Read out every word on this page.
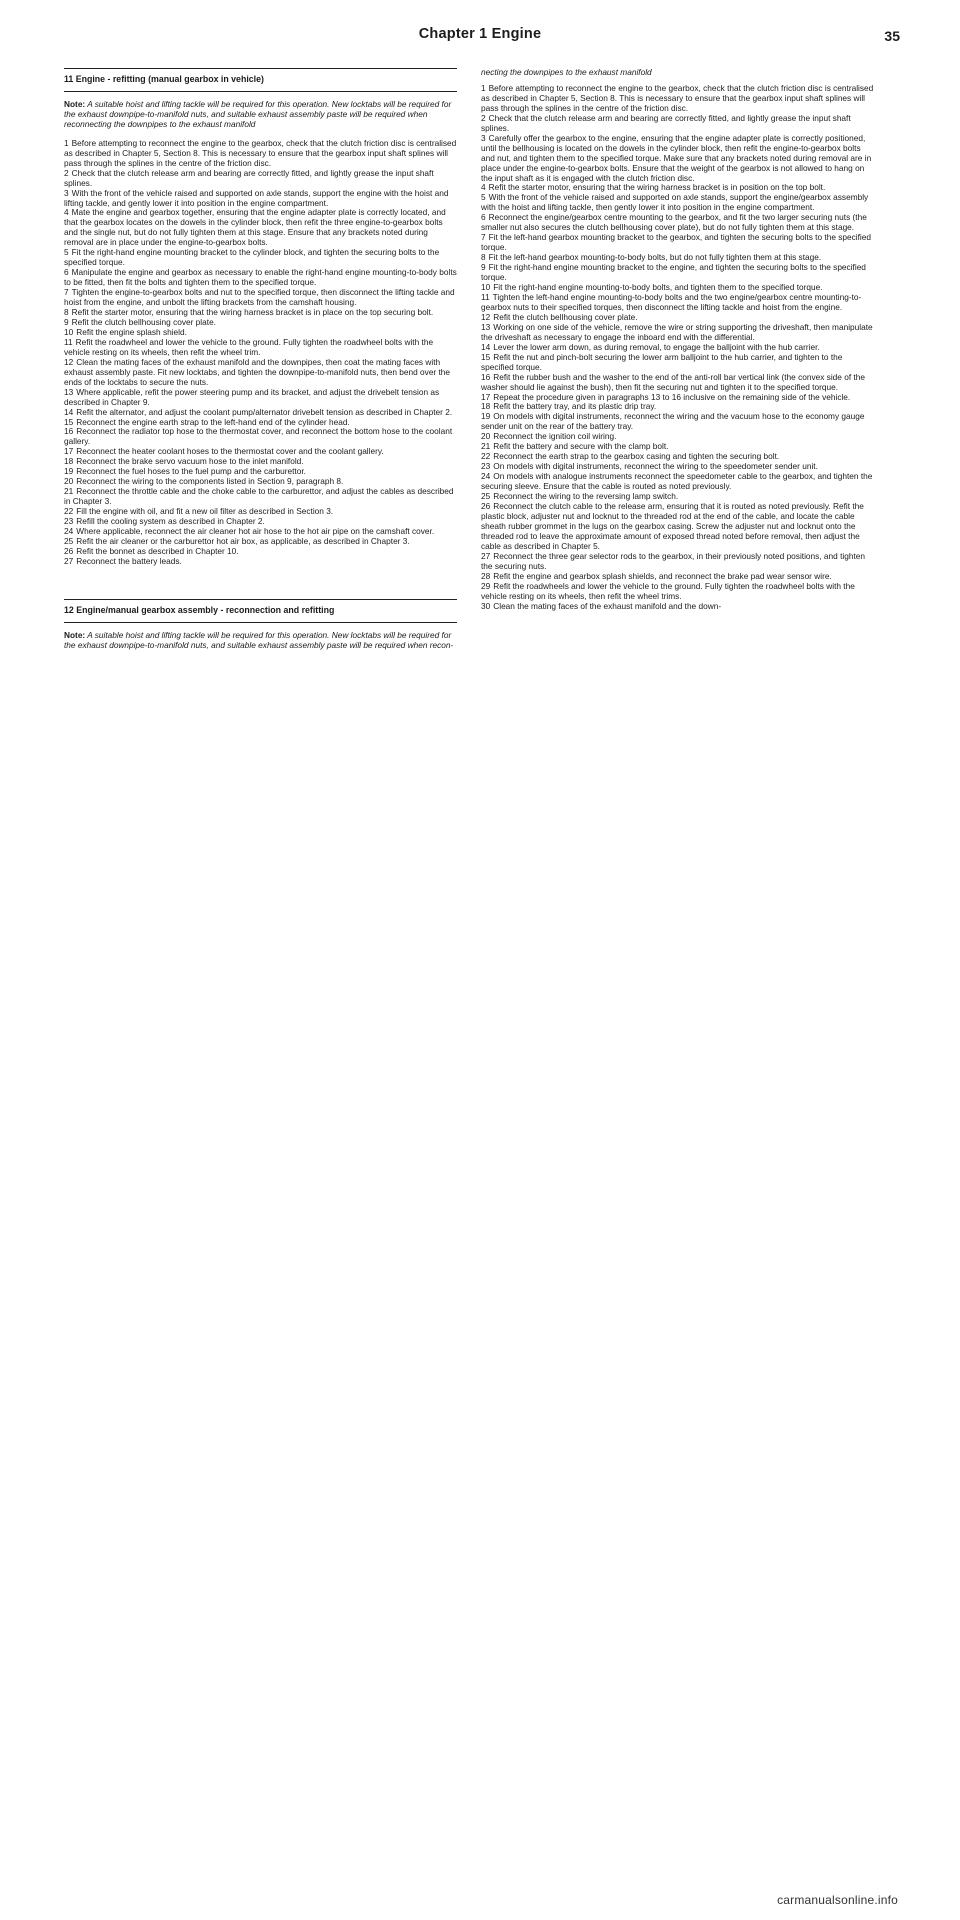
Chapter 1 Engine	35
11 Engine - refitting (manual gearbox in vehicle)

Note: A suitable hoist and lifting tackle will be required for this operation. New locktabs will be required for the exhaust downpipe-to-manifold nuts, and suitable exhaust assembly paste will be required when reconnecting the downpipes to the exhaust manifold

1 Before attempting to reconnect the engine to the gearbox, check that the clutch friction disc is centralised as described in Chapter 5, Section 8. This is necessary to ensure that the gearbox input shaft splines will pass through the splines in the centre of the friction disc.

2 Check that the clutch release arm and bearing are correctly fitted, and lightly grease the input shaft splines.

3 With the front of the vehicle raised and supported on axle stands, support the engine with the hoist and lifting tackle, and gently lower it into position in the engine compartment.

4 Mate the engine and gearbox together, ensuring that the engine adapter plate is correctly located, and that the gearbox locates on the dowels in the cylinder block, then refit the three engine-to-gearbox bolts and the single nut, but do not fully tighten them at this stage. Ensure that any brackets noted during removal are in place under the engine-to-gearbox bolts.

5 Fit the right-hand engine mounting bracket to the cylinder block, and tighten the securing bolts to the specified torque.

6 Manipulate the engine and gearbox as necessary to enable the right-hand engine mounting-to-body bolts to be fitted, then fit the bolts and tighten them to the specified torque.

7 Tighten the engine-to-gearbox bolts and nut to the specified torque, then disconnect the lifting tackle and hoist from the engine, and unbolt the lifting brackets from the camshaft housing.

8 Refit the starter motor, ensuring that the wiring harness bracket is in place on the top securing bolt.

9 Refit the clutch bellhousing cover plate.

10 Refit the engine splash shield.

11 Refit the roadwheel and lower the vehicle to the ground. Fully tighten the roadwheel bolts with the vehicle resting on its wheels, then refit the wheel trim.

12 Clean the mating faces of the exhaust manifold and the downpipes, then coat the mating faces with exhaust assembly paste. Fit new locktabs, and tighten the downpipe-to-manifold nuts, then bend over the ends of the locktabs to secure the nuts.

13 Where applicable, refit the power steering pump and its bracket, and adjust the drivebelt tension as described in Chapter 9.

14 Refit the alternator, and adjust the coolant pump/alternator drivebelt tension as described in Chapter 2.

15 Reconnect the engine earth strap to the left-hand end of the cylinder head.

16 Reconnect the radiator top hose to the thermostat cover, and reconnect the bottom hose to the coolant gallery.

17 Reconnect the heater coolant hoses to the thermostat cover and the coolant gallery.

18 Reconnect the brake servo vacuum hose to the inlet manifold.

19 Reconnect the fuel hoses to the fuel pump and the carburettor.

20 Reconnect the wiring to the components listed in Section 9, paragraph 8.

21 Reconnect the throttle cable and the choke cable to the carburettor, and adjust the cables as described in Chapter 3.

22 Fill the engine with oil, and fit a new oil filter as described in Section 3.

23 Refill the cooling system as described in Chapter 2.

24 Where applicable, reconnect the air cleaner hot air hose to the hot air pipe on the camshaft cover.

25 Refit the air cleaner or the carburettor hot air box, as applicable, as described in Chapter 3.

26 Refit the bonnet as described in Chapter 10.

27 Reconnect the battery leads.

12 Engine/manual gearbox assembly - reconnection and refitting

Note: A suitable hoist and lifting tackle will be required for this operation. New locktabs will be required for the exhaust downpipe-to-manifold nuts, and suitable exhaust assembly paste will be required when recon-

necting the downpipes to the exhaust manifold

1 Before attempting to reconnect the engine to the gearbox, check that the clutch friction disc is centralised as described in Chapter 5, Section 8. This is necessary to ensure that the gearbox input shaft splines will pass through the splines in the centre of the friction disc.

2 Check that the clutch release arm and bearing are correctly fitted, and lightly grease the input shaft splines.

3 Carefully offer the gearbox to the engine, ensuring that the engine adapter plate is correctly positioned, until the bellhousing is located on the dowels in the cylinder block, then refit the engine-to-gearbox bolts and nut, and tighten them to the specified torque. Make sure that any brackets noted during removal are in place under the engine-to-gearbox bolts. Ensure that the weight of the gearbox is not allowed to hang on the input shaft as it is engaged with the clutch friction disc.

4 Refit the starter motor, ensuring that the wiring harness bracket is in position on the top bolt.

5 With the front of the vehicle raised and supported on axle stands, support the engine/gearbox assembly with the hoist and lifting tackle, then gently lower it into position in the engine compartment.

6 Reconnect the engine/gearbox centre mounting to the gearbox, and fit the two larger securing nuts (the smaller nut also secures the clutch bellhousing cover plate), but do not fully tighten them at this stage.

7 Fit the left-hand gearbox mounting bracket to the gearbox, and tighten the securing bolts to the specified torque.

8 Fit the left-hand gearbox mounting-to-body bolts, but do not fully tighten them at this stage.

9 Fit the right-hand engine mounting bracket to the engine, and tighten the securing bolts to the specified torque.

10 Fit the right-hand engine mounting-to-body bolts, and tighten them to the specified torque.

11 Tighten the left-hand engine mounting-to-body bolts and the two engine/gearbox centre mounting-to-gearbox nuts to their specified torques, then disconnect the lifting tackle and hoist from the engine.

12 Refit the clutch bellhousing cover plate.

13 Working on one side of the vehicle, remove the wire or string supporting the driveshaft, then manipulate the driveshaft as necessary to engage the inboard end with the differential.

14 Lever the lower arm down, as during removal, to engage the balljoint with the hub carrier.

15 Refit the nut and pinch-bolt securing the lower arm balljoint to the hub carrier, and tighten to the specified torque.

16 Refit the rubber bush and the washer to the end of the anti-roll bar vertical link (the convex side of the washer should lie against the bush), then fit the securing nut and tighten it to the specified torque.

17 Repeat the procedure given in paragraphs 13 to 16 inclusive on the remaining side of the vehicle.

18 Refit the battery tray, and its plastic drip tray.

19 On models with digital instruments, reconnect the wiring and the vacuum hose to the economy gauge sender unit on the rear of the battery tray.

20 Reconnect the ignition coil wiring.

21 Refit the battery and secure with the clamp bolt.

22 Reconnect the earth strap to the gearbox casing and tighten the securing bolt.

23 On models with digital instruments, reconnect the wiring to the speedometer sender unit.

24 On models with analogue instruments reconnect the speedometer cable to the gearbox, and tighten the securing sleeve. Ensure that the cable is routed as noted previously.

25 Reconnect the wiring to the reversing lamp switch.

26 Reconnect the clutch cable to the release arm, ensuring that it is routed as noted previously. Refit the plastic block, adjuster nut and locknut to the threaded rod at the end of the cable, and locate the cable sheath rubber grommet in the lugs on the gearbox casing. Screw the adjuster nut and locknut onto the threaded rod to leave the approximate amount of exposed thread noted before removal, then adjust the cable as described in Chapter 5.

27 Reconnect the three gear selector rods to the gearbox, in their previously noted positions, and tighten the securing nuts.

28 Refit the engine and gearbox splash shields, and reconnect the brake pad wear sensor wire.

29 Refit the roadwheels and lower the vehicle to the ground. Fully tighten the roadwheel bolts with the vehicle resting on its wheels, then refit the wheel trims.

30 Clean the mating faces of the exhaust manifold and the down-

carmanualsonline.info
